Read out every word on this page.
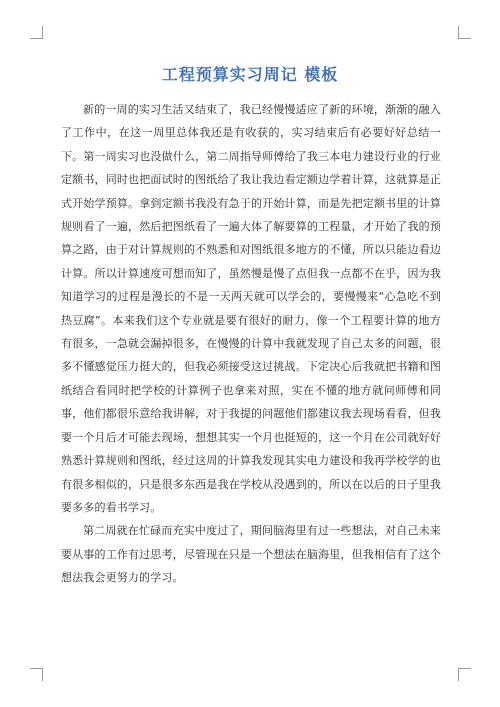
工程预算实习周记 模板

新的一周的实习生活又结束了，我已经慢慢适应了新的环境，渐渐的融入了工作中，在这一周里总体我还是有收获的，实习结束后有必要好好总结一下。第一周实习也没做什么，第二周指导师傅给了我三本电力建设行业的行业定额书，同时也把面试时的图纸给了我让我边看定额边学着计算，这就算是正式开始学预算。拿到定额书我没有急于的开始计算，而是先把定额书里的计算规则看了一遍，然后把图纸看了一遍大体了解要算的工程量，才开始了我的预算之路，由于对计算规则的不熟悉和对图纸很多地方的不懂，所以只能边看边计算。所以计算速度可想而知了，虽然慢是慢了点但我一点都不在乎，因为我知道学习的过程是漫长的不是一天两天就可以学会的，要慢慢来“心急吃不到热豆腐”。本来我们这个专业就是要有很好的耐力，像一个工程要计算的地方有很多，一急就会漏掉很多，在慢慢的计算中我就发现了自己太多的问题，很多不懂感觉压力挺大的，但我必须接受这过挑战。下定决心后我就把书籍和图纸结合看同时把学校的计算例子也拿来对照，实在不懂的地方就问师傅和同事，他们都很乐意给我讲解，对于我提的问题他们都建议我去现场看看，但我要一个月后才可能去现场，想想其实一个月也挺短的，这一个月在公司就好好熟悉计算规则和图纸，经过这周的计算我发现其实电力建设和我再学校学的也有很多相似的，只是很多东西是我在学校从没遇到的，所以在以后的日子里我要多多的看书学习。

第二周就在忙碌而充实中度过了，期间脑海里有过一些想法，对自己未来要从事的工作有过思考，尽管现在只是一个想法在脑海里，但我相信有了这个想法我会更努力的学习。
